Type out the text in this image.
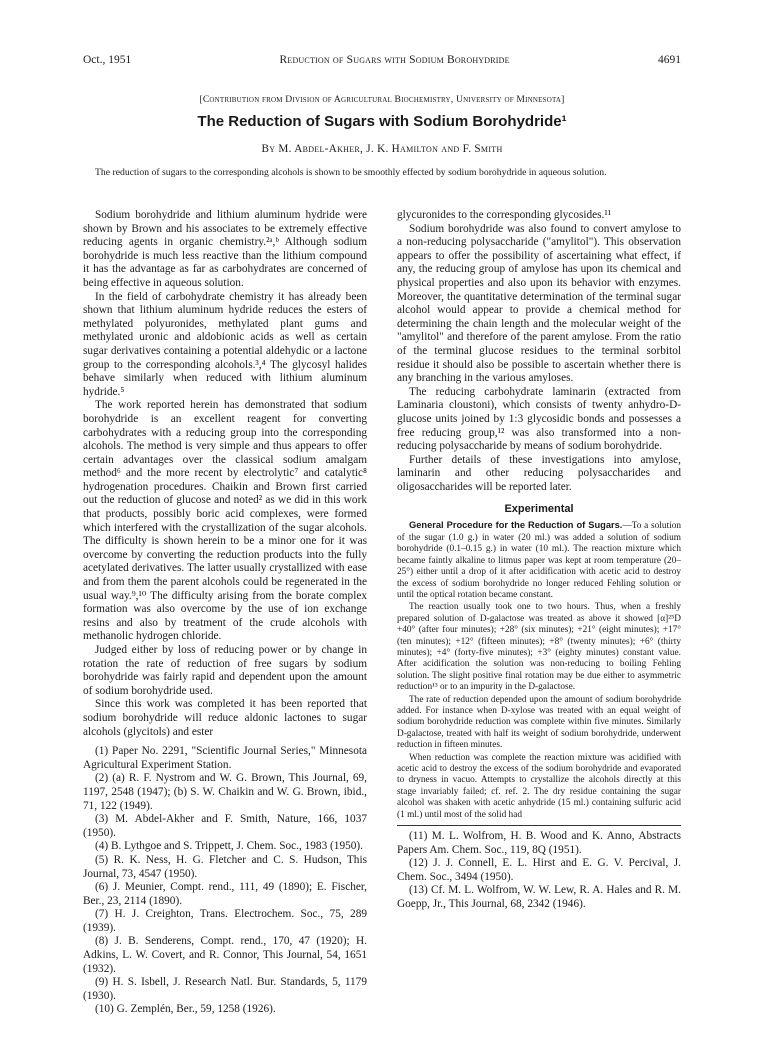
Oct., 1951	Reduction of Sugars with Sodium Borohydride	4691
[Contribution from Division of Agricultural Biochemistry, University of Minnesota]
The Reduction of Sugars with Sodium Borohydride¹
By M. Abdel-Akher, J. K. Hamilton and F. Smith
The reduction of sugars to the corresponding alcohols is shown to be smoothly effected by sodium borohydride in aqueous solution.

Sodium borohydride and lithium aluminum hydride were shown by Brown and his associates to be extremely effective reducing agents in organic chemistry.²ᵃ,ᵇ Although sodium borohydride is much less reactive than the lithium compound it has the advantage as far as carbohydrates are concerned of being effective in aqueous solution.

In the field of carbohydrate chemistry it has already been shown that lithium aluminum hydride reduces the esters of methylated polyuronides, methylated plant gums and methylated uronic and aldobionic acids as well as certain sugar derivatives containing a potential aldehydic or a lactone group to the corresponding alcohols.³,⁴ The glycosyl halides behave similarly when reduced with lithium aluminum hydride.⁵

The work reported herein has demonstrated that sodium borohydride is an excellent reagent for converting carbohydrates with a reducing group into the corresponding alcohols. The method is very simple and thus appears to offer certain advantages over the classical sodium amalgam method⁶ and the more recent by electrolytic⁷ and catalytic⁸ hydrogenation procedures. Chaikin and Brown first carried out the reduction of glucose and noted² as we did in this work that products, possibly boric acid complexes, were formed which interfered with the crystallization of the sugar alcohols. The difficulty is shown herein to be a minor one for it was overcome by converting the reduction products into the fully acetylated derivatives. The latter usually crystallized with ease and from them the parent alcohols could be regenerated in the usual way.⁹,¹⁰ The difficulty arising from the borate complex formation was also overcome by the use of ion exchange resins and also by treatment of the crude alcohols with methanolic hydrogen chloride.

Judged either by loss of reducing power or by change in rotation the rate of reduction of free sugars by sodium borohydride was fairly rapid and dependent upon the amount of sodium borohydride used.

Since this work was completed it has been reported that sodium borohydride will reduce aldonic lactones to sugar alcohols (glycitols) and ester

(1) Paper No. 2291, "Scientific Journal Series," Minnesota Agricultural Experiment Station.

(2) (a) R. F. Nystrom and W. G. Brown, This Journal, 69, 1197, 2548 (1947); (b) S. W. Chaikin and W. G. Brown, ibid., 71, 122 (1949).

(3) M. Abdel-Akher and F. Smith, Nature, 166, 1037 (1950).

(4) B. Lythgoe and S. Trippett, J. Chem. Soc., 1983 (1950).

(5) R. K. Ness, H. G. Fletcher and C. S. Hudson, This Journal, 73, 4547 (1950).

(6) J. Meunier, Compt. rend., 111, 49 (1890); E. Fischer, Ber., 23, 2114 (1890).

(7) H. J. Creighton, Trans. Electrochem. Soc., 75, 289 (1939).

(8) J. B. Senderens, Compt. rend., 170, 47 (1920); H. Adkins, L. W. Covert, and R. Connor, This Journal, 54, 1651 (1932).

(9) H. S. Isbell, J. Research Natl. Bur. Standards, 5, 1179 (1930).

(10) G. Zemplén, Ber., 59, 1258 (1926).

glycuronides to the corresponding glycosides.¹¹

Sodium borohydride was also found to convert amylose to a non-reducing polysaccharide ("amylitol"). This observation appears to offer the possibility of ascertaining what effect, if any, the reducing group of amylose has upon its chemical and physical properties and also upon its behavior with enzymes. Moreover, the quantitative determination of the terminal sugar alcohol would appear to provide a chemical method for determining the chain length and the molecular weight of the "amylitol" and therefore of the parent amylose. From the ratio of the terminal glucose residues to the terminal sorbitol residue it should also be possible to ascertain whether there is any branching in the various amyloses.

The reducing carbohydrate laminarin (extracted from Laminaria cloustoni), which consists of twenty anhydro-D-glucose units joined by 1:3 glycosidic bonds and possesses a free reducing group,¹² was also transformed into a non-reducing polysaccharide by means of sodium borohydride.

Further details of these investigations into amylose, laminarin and other reducing polysaccharides and oligosaccharides will be reported later.

Experimental

General Procedure for the Reduction of Sugars.—To a solution of the sugar (1.0 g.) in water (20 ml.) was added a solution of sodium borohydride (0.1–0.15 g.) in water (10 ml.). The reaction mixture which became faintly alkaline to litmus paper was kept at room temperature (20–25°) either until a drop of it after acidification with acetic acid to destroy the excess of sodium borohydride no longer reduced Fehling solution or until the optical rotation became constant.

The reaction usually took one to two hours. Thus, when a freshly prepared solution of D-galactose was treated as above it showed [α]²⁵D +40° (after four minutes); +28° (six minutes); +21° (eight minutes); +17° (ten minutes); +12° (fifteen minutes); +8° (twenty minutes); +6° (thirty minutes); +4° (forty-five minutes); +3° (eighty minutes) constant value. After acidification the solution was non-reducing to boiling Fehling solution. The slight positive final rotation may be due either to asymmetric reduction¹³ or to an impurity in the D-galactose.

The rate of reduction depended upon the amount of sodium borohydride added. For instance when D-xylose was treated with an equal weight of sodium borohydride reduction was complete within five minutes. Similarly D-galactose, treated with half its weight of sodium borohydride, underwent reduction in fifteen minutes.

When reduction was complete the reaction mixture was acidified with acetic acid to destroy the excess of the sodium borohydride and evaporated to dryness in vacuo. Attempts to crystallize the alcohols directly at this stage invariably failed; cf. ref. 2. The dry residue containing the sugar alcohol was shaken with acetic anhydride (15 ml.) containing sulfuric acid (1 ml.) until most of the solid had

(11) M. L. Wolfrom, H. B. Wood and K. Anno, Abstracts Papers Am. Chem. Soc., 119, 8Q (1951).

(12) J. J. Connell, E. L. Hirst and E. G. V. Percival, J. Chem. Soc., 3494 (1950).

(13) Cf. M. L. Wolfrom, W. W. Lew, R. A. Hales and R. M. Goepp, Jr., This Journal, 68, 2342 (1946).
